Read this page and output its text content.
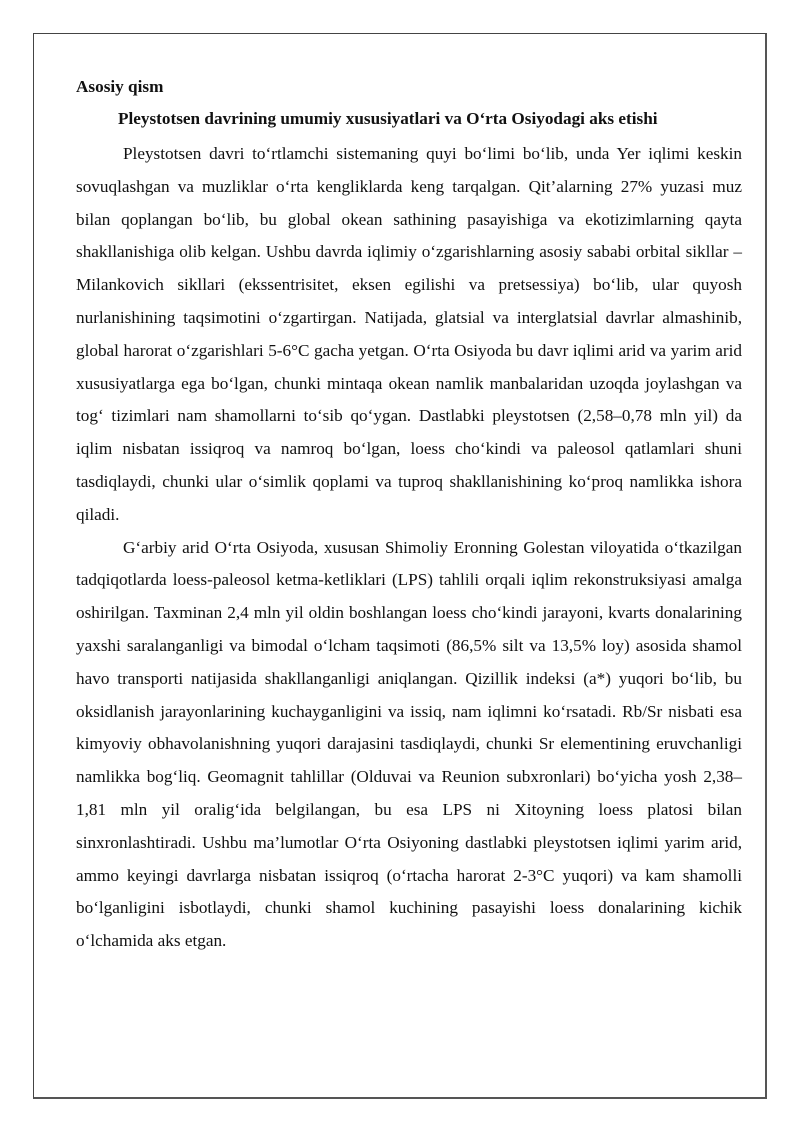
Asosiy qism

Pleystotsen davrining umumiy xususiyatlari va O‘rta Osiyodagi aks etishi

Pleystotsen davri to‘rtlamchi sistemaning quyi bo‘limi bo‘lib, unda Yer iqlimi keskin sovuqlashgan va muzliklar o‘rta kengliklarda keng tarqalgan. Qit’alarning 27% yuzasi muz bilan qoplangan bo‘lib, bu global okean sathining pasayishiga va ekotizimlarning qayta shakllanishiga olib kelgan. Ushbu davrda iqlimiy o‘zgarishlarning asosiy sababi orbital sikllar – Milankovich sikllari (ekssentrisitet, eksen egilishi va pretsessiya) bo‘lib, ular quyosh nurlanishining taqsimotini o‘zgartirgan. Natijada, glatsial va interglatsial davrlar almashinib, global harorat o‘zgarishlari 5-6°C gacha yetgan. O‘rta Osiyoda bu davr iqlimi arid va yarim arid xususiyatlarga ega bo‘lgan, chunki mintaqa okean namlik manbalaridan uzoqda joylashgan va tog‘ tizimlari nam shamollarni to‘sib qo‘ygan. Dastlabki pleystotsen (2,58–0,78 mln yil) da iqlim nisbatan issiqroq va namroq bo‘lgan, loess cho‘kindi va paleosol qatlamlari shuni tasdiqlaydi, chunki ular o‘simlik qoplami va tuproq shakllanishining ko‘proq namlikka ishora qiladi.

G‘arbiy arid O‘rta Osiyoda, xususan Shimoliy Eronning Golestan viloyatida o‘tkazilgan tadqiqotlarda loess-paleosol ketma-ketliklari (LPS) tahlili orqali iqlim rekonstruksiyasi amalga oshirilgan. Taxminan 2,4 mln yil oldin boshlangan loess cho‘kindi jarayoni, kvarts donalarining yaxshi saralanganligi va bimodal o‘lcham taqsimoti (86,5% silt va 13,5% loy) asosida shamol havo transporti natijasida shakllanganligi aniqlangan. Qizillik indeksi (a*) yuqori bo‘lib, bu oksidlanish jarayonlarining kuchayganligini va issiq, nam iqlimni ko‘rsatadi. Rb/Sr nisbati esa kimyoviy obhavolanishning yuqori darajasini tasdiqlaydi, chunki Sr elementining eruvchanligi namlikka bog‘liq. Geomagnit tahlillar (Olduvai va Reunion subxronlari) bo‘yicha yosh 2,38–1,81 mln yil oralig‘ida belgilangan, bu esa LPS ni Xitoyning loess platosi bilan sinxronlashtiradi. Ushbu ma’lumotlar O‘rta Osiyoning dastlabki pleystotsen iqlimi yarim arid, ammo keyingi davrlarga nisbatan issiqroq (o‘rtacha harorat 2-3°C yuqori) va kam shamolli bo‘lganligini isbotlaydi, chunki shamol kuchining pasayishi loess donalarining kichik o‘lchamida aks etgan.
